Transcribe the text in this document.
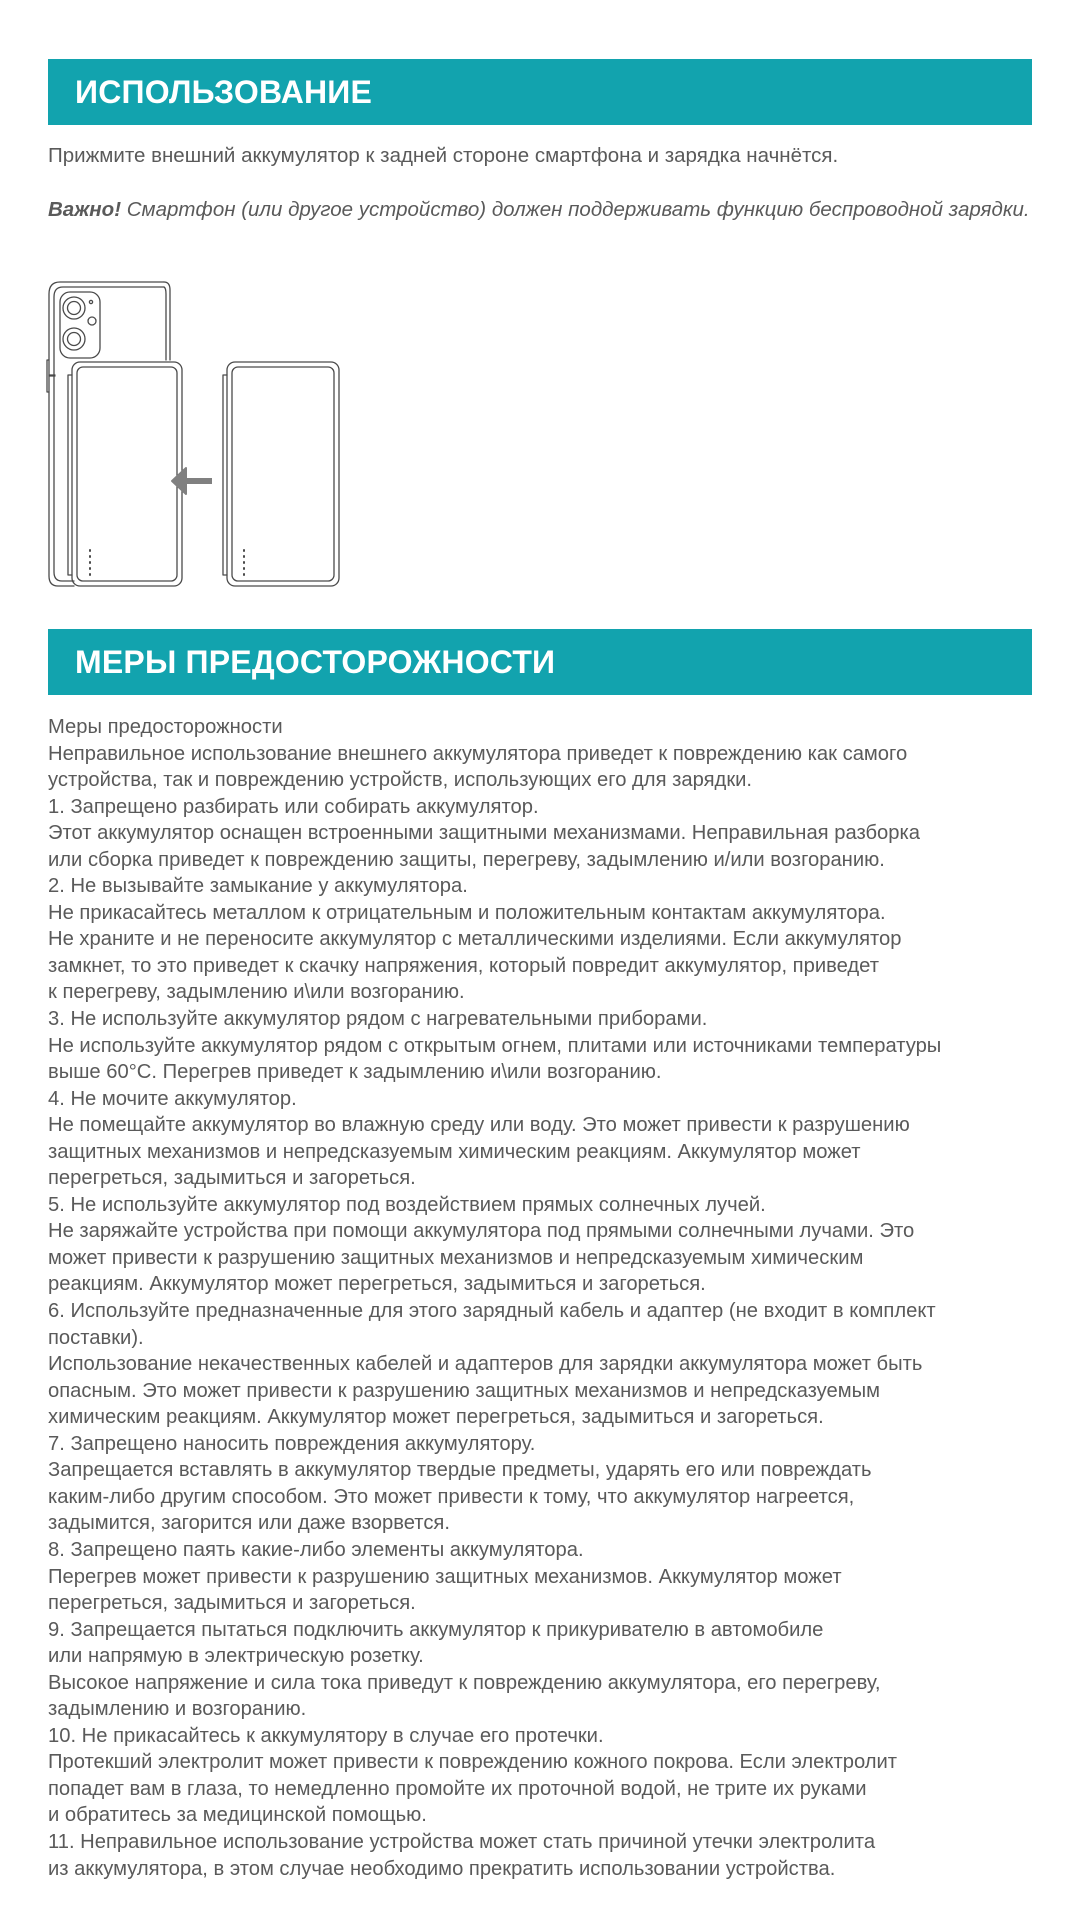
ИСПОЛЬЗОВАНИЕ
Прижмите внешний аккумулятор к задней стороне смартфона и зарядка начнётся.
Важно! Смартфон (или другое устройство) должен поддерживать функцию беспроводной зарядки.
МЕРЫ ПРЕДОСТОРОЖНОСТИ
Меры предосторожности
Неправильное использование внешнего аккумулятора приведет к повреждению как самого
устройства, так и повреждению устройств, использующих его для зарядки.
1. Запрещено разбирать или собирать аккумулятор.
Этот аккумулятор оснащен встроенными защитными механизмами. Неправильная разборка
или сборка приведет к повреждению защиты, перегреву, задымлению и/или возгоранию.
2. Не вызывайте замыкание у аккумулятора.
Не прикасайтесь металлом к отрицательным и положительным контактам аккумулятора.
Не храните и не переносите аккумулятор с металлическими изделиями. Если аккумулятор
замкнет, то это приведет к скачку напряжения, который повредит аккумулятор, приведет
к перегреву, задымлению и\или возгоранию.
3. Не используйте аккумулятор рядом с нагревательными приборами.
Не используйте аккумулятор рядом с открытым огнем, плитами или источниками температуры
выше 60°С. Перегрев приведет к задымлению и\или возгоранию.
4. Не мочите аккумулятор.
Не помещайте аккумулятор во влажную среду или воду. Это может привести к разрушению
защитных механизмов и непредсказуемым химическим реакциям. Аккумулятор может
перегреться, задымиться и загореться.
5. Не используйте аккумулятор под воздействием прямых солнечных лучей.
Не заряжайте устройства при помощи аккумулятора под прямыми солнечными лучами. Это
может привести к разрушению защитных механизмов и непредсказуемым химическим
реакциям. Аккумулятор может перегреться, задымиться и загореться.
6. Используйте предназначенные для этого зарядный кабель и адаптер (не входит в комплект
поставки).
Использование некачественных кабелей и адаптеров для зарядки аккумулятора может быть
опасным. Это может привести к разрушению защитных механизмов и непредсказуемым
химическим реакциям. Аккумулятор может перегреться, задымиться и загореться.
7. Запрещено наносить повреждения аккумулятору.
Запрещается вставлять в аккумулятор твердые предметы, ударять его или повреждать
каким-либо другим способом. Это может привести к тому, что аккумулятор нагреется,
задымится, загорится или даже взорвется.
8. Запрещено паять какие-либо элементы аккумулятора.
Перегрев может привести к разрушению защитных механизмов. Аккумулятор может
перегреться, задымиться и загореться.
9. Запрещается пытаться подключить аккумулятор к прикуривателю в автомобиле
или напрямую в электрическую розетку.
Высокое напряжение и сила тока приведут к повреждению аккумулятора, его перегреву,
задымлению и возгоранию.
10. Не прикасайтесь к аккумулятору в случае его протечки.
Протекший электролит может привести к повреждению кожного покрова. Если электролит
попадет вам в глаза, то немедленно промойте их проточной водой, не трите их руками
и обратитесь за медицинской помощью.
11. Неправильное использование устройства может стать причиной утечки электролита
из аккумулятора, в этом случае необходимо прекратить использовании устройства.
